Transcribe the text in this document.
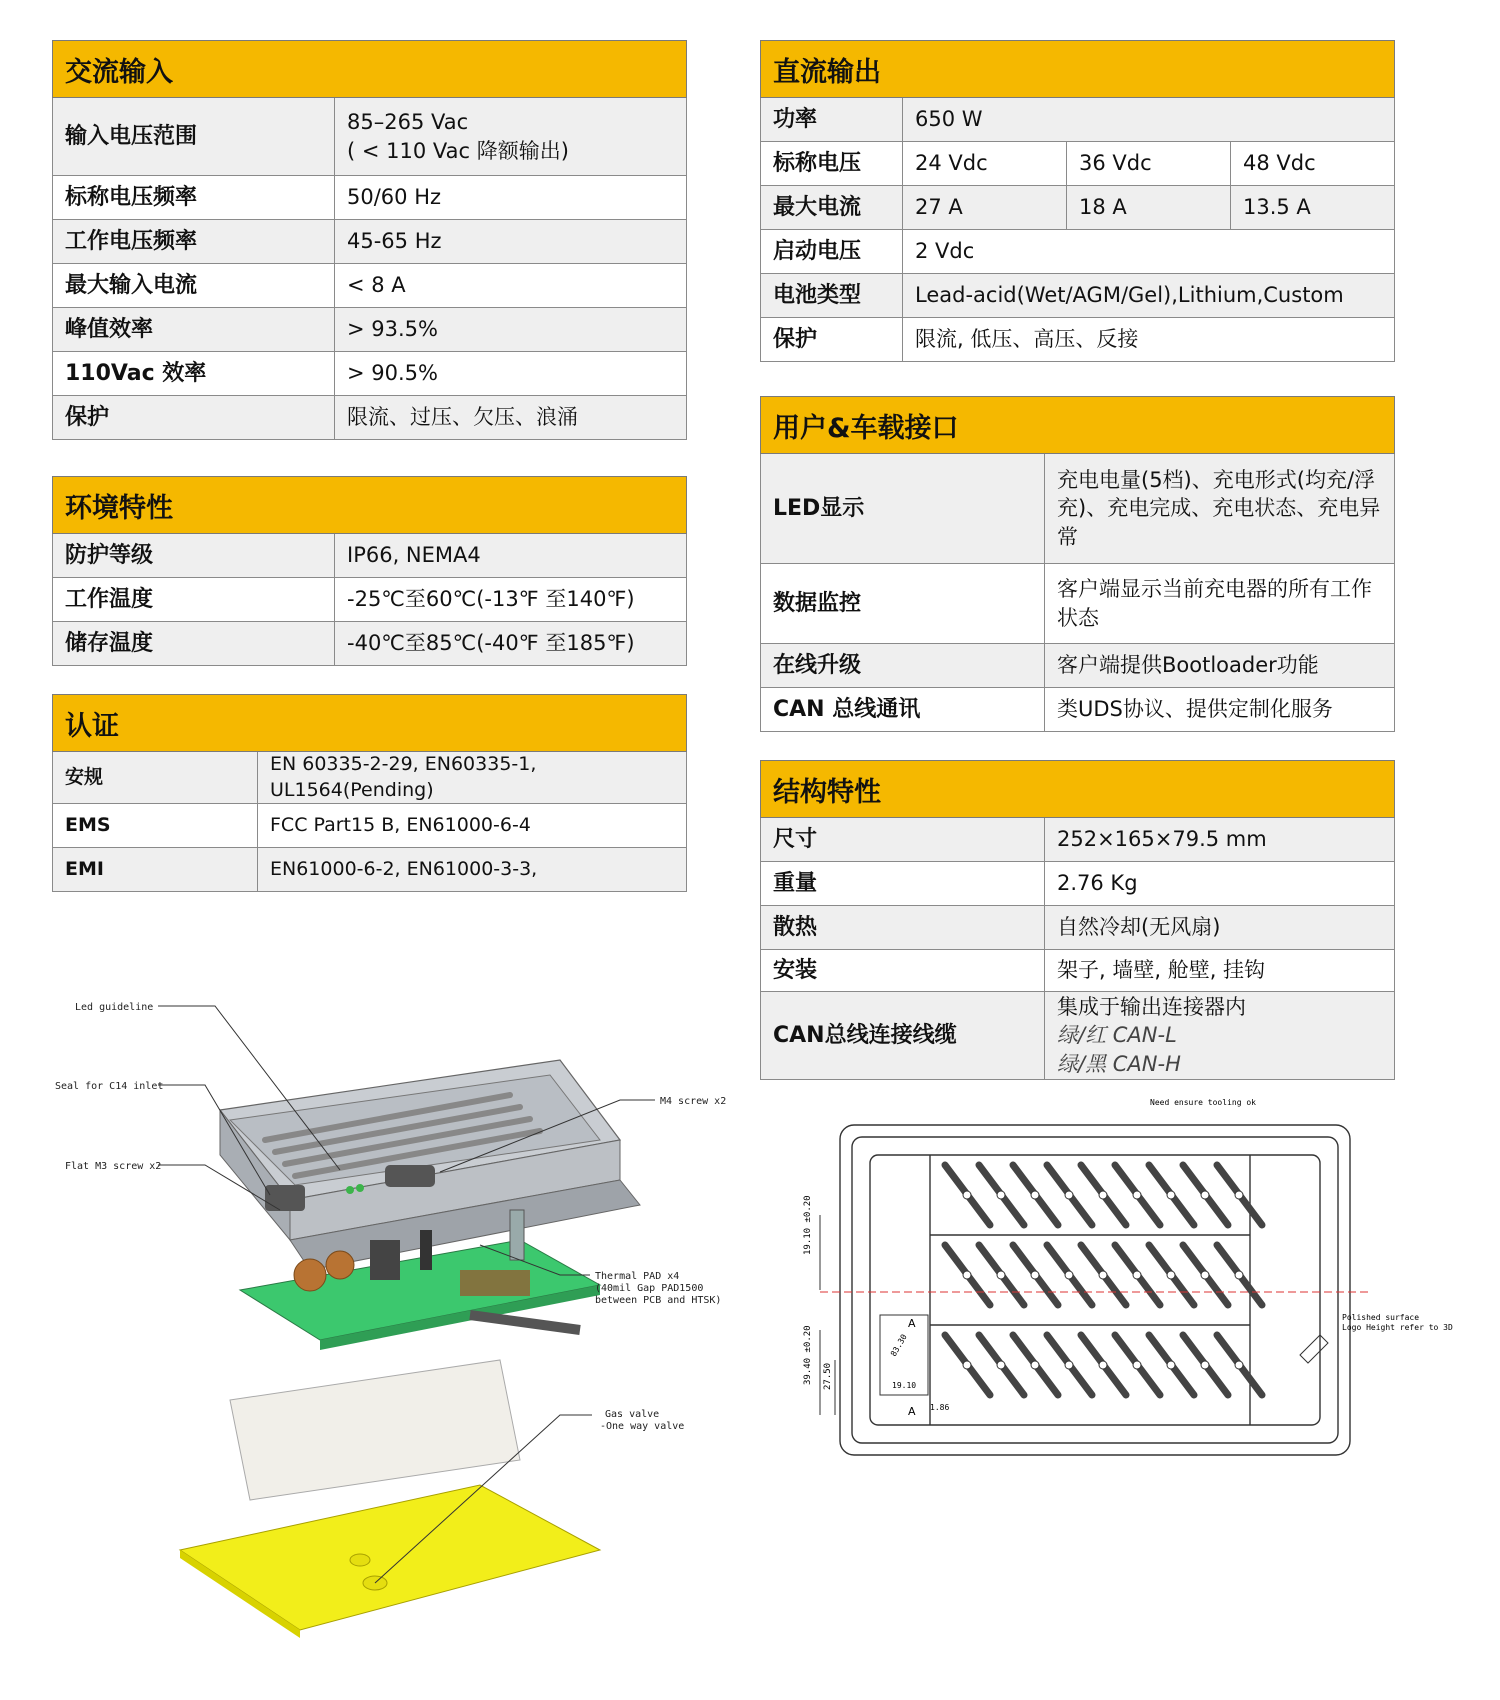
交流输入	
输入电压范围	85–265 Vac
( < 110 Vac 降额输出)

标称电压频率	50/60 Hz
工作电压频率	45-65 Hz
最大输入电流	< 8 A
峰值效率	> 93.5%
110Vac 效率	> 90.5%
保护	限流、过压、欠压、浪涌
环境特性	
防护等级	IP66, NEMA4
工作温度	-25℃至60℃(-13℉ 至140℉)
储存温度	-40℃至85℃(-40℉ 至185℉)
认证	
安规	EN 60335-2-29, EN60335-1, UL1564(Pending)
EMS	FCC Part15 B, EN61000-6-4
EMI	EN61000-6-2, EN61000-3-3,
直流输出			
功率	650 W		
标称电压	24 Vdc	36 Vdc	48 Vdc
最大电流	27 A	18 A	13.5 A
启动电压	2 Vdc		
电池类型	Lead-acid(Wet/AGM/Gel),Lithium,Custom		
保护	限流, 低压、高压、反接		
用户&车载接口	
LED显示	充电电量(5档)、充电形式(均充/浮充)、充电完成、充电状态、充电异常
数据监控	客户端显示当前充电器的所有工作状态
在线升级	客户端提供Bootloader功能
CAN 总线通讯	类UDS协议、提供定制化服务
结构特性	
尺寸	252×165×79.5 mm
重量	2.76 Kg
散热	自然冷却(无风扇)
安装	架子, 墙壁, 舱壁, 挂钩
CAN总线连接线缆	集成于输出连接器内
绿/红 CAN-L
绿/黑 CAN-H
Led guideline
Seal for C14 inlet
M4 screw x2
Flat M3 screw x2
Thermal PAD x4
(40mil Gap PAD1500
between PCB and HTSK)
Gas valve
-One way valve
19.10 ±0.20
39.40 ±0.20 27.50	19.10
83.30
1.86
A
A
Need ensure tooling ok
Polished surface
Logo Height refer to 3D
